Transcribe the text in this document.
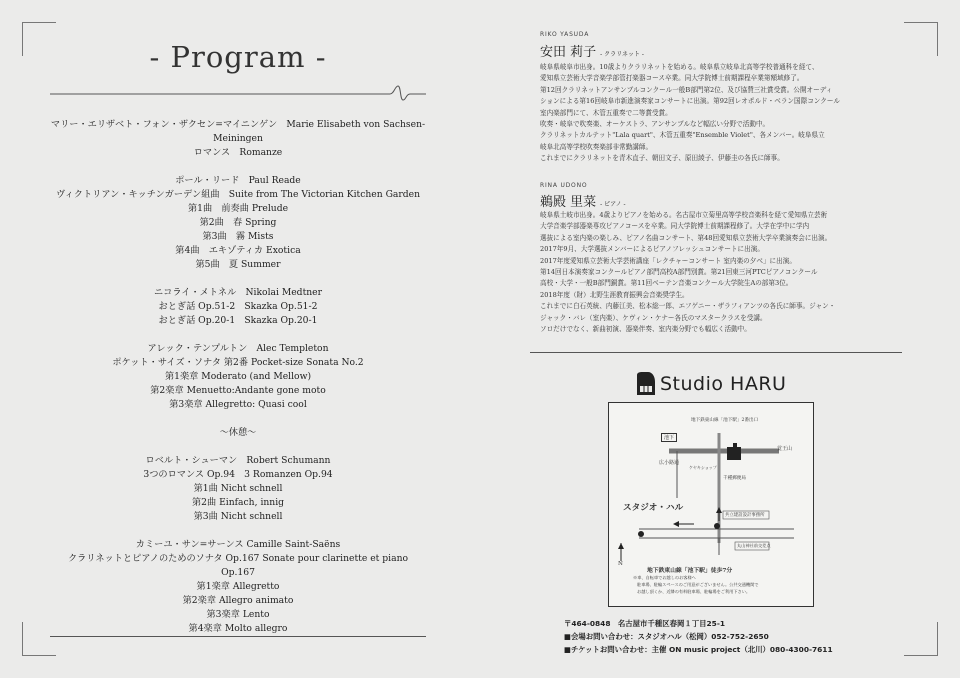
- Program -
マリー・エリザベト・フォン・ザクセン=マイニンゲン　Marie Elisabeth von Sachsen-Meiningen
ロマンス　Romanze
ポール・リード　Paul Reade
ヴィクトリアン・キッチンガーデン組曲　Suite from The Victorian Kitchen Garden
第1曲　前奏曲 Prelude
第2曲　春 Spring
第3曲　霧 Mists
第4曲　エキゾティカ Exotica
第5曲　夏 Summer
ニコライ・メトネル　Nikolai Medtner
おとぎ話 Op.51-2　Skazka Op.51-2
おとぎ話 Op.20-1　Skazka Op.20-1
アレック・テンプルトン　Alec Templeton
ポケット・サイズ・ソナタ 第2番 Pocket-size Sonata No.2
第1楽章 Moderato (and Mellow)
第2楽章 Menuetto:Andante gone moto
第3楽章 Allegretto: Quasi cool
～休憩～
ロベルト・シューマン　Robert Schumann
3つのロマンス Op.94　3 Romanzen Op.94
第1曲 Nicht schnell
第2曲 Einfach, innig
第3曲 Nicht schnell
カミーユ・サン=サーンス Camille Saint-Saëns
クラリネットとピアノのためのソナタ Op.167 Sonate pour clarinette et piano Op.167
第1楽章 Allegretto
第2楽章 Allegro animato
第3楽章 Lento
第4楽章 Molto allegro
RIKO YASUDA
安田 莉子 - クラリネット -
岐阜県岐阜市出身。10歳よりクラリネットを始める。岐阜県立岐阜北高等学校普通科を経て、
愛知県立芸術大学音楽学部管打楽器コース卒業。同大学院博士前期課程卒業第額域修了。
第12回クラリネットアンサンブルコンクール一般B部門第2位、及び協賛三社賞受賞。公開オーディ
ションによる第16回岐阜市新進演奏家コンサートに出演。第92回レオポルド・ベラン国際コンクール
室内楽部門にて、木管五重奏で二等賞受賞。
吹奏・岐阜で吹奏楽、オーケストラ、アンサンブルなど幅広い分野で活動中。
クラリネットカルテット"Lala quart"、木管五重奏"Ensemble Violet"、各メンバー。岐阜県立
岐阜北高等学校吹奏楽部非常勤講師。
これまでにクラリネットを青木直子、朝田文子、原田綾子、伊藤圭の各氏に師事。
RINA UDONO
鵜殿 里菜 - ピアノ -
岐阜県土岐市出身。4歳よりピアノを始める。名古屋市立菊里高等学校音楽科を経て愛知県立芸術
大学音楽学部器楽専攻ピアノコースを卒業。同大学院博士前期課程修了。大学在学中に学内
選抜による室内楽の楽しみ、ピアノ名曲コンサート、第48回愛知県立芸術大学卒業演奏会に出演。
2017年9月、大学選抜メンバーによるピアノフレッシュコンサートに出演。
2017年度愛知県立芸術大学芸術講座「レクチャーコンサート 室内楽の夕べ」に出演。
第14回日本演奏家コンクールピアノ部門高校A部門別賞。第21回東三河PTCピアノコンクール
高校・大学・一般B部門銅賞。第11回ベーテン音楽コンクール大学院生Aの部第3位。
2018年度（財）北野生涯教育振興会音楽奨学生。
これまでに白石英統、内藤江美、松本総一郎、エフゲニー・ザラフィアンツの各氏に師事。ジャン・
ジャック・バレ（室内楽）、ケヴィン・ケナー各氏のマスタークラスを受講。
ソロだけでなく、新曲初演、器楽伴奏、室内楽分野でも幅広く活動中。
Studio HARU
地下鉄東山線「池下駅」2番出口
池下
覚王山
広小路通
ケヤキショップ
千種郵便局
スタジオ・ハル
共立建設設計事務所
丸山神社前交差点
N
地下鉄東山線「池下駅」徒歩7分
※車、自転車でお越しのお客様へ
駐車場、駐輪スペースのご用意がございません。公共交通機関で
お越し頂くか、近隣の有料駐車場、駐輪場をご利用下さい。
〒464-0848　名古屋市千種区春岡１丁目25-1
■会場お問い合わせ：スタジオハル（松岡）052-752-2650
■チケットお問い合わせ：主催 ON music project（北川）080-4300-7611
